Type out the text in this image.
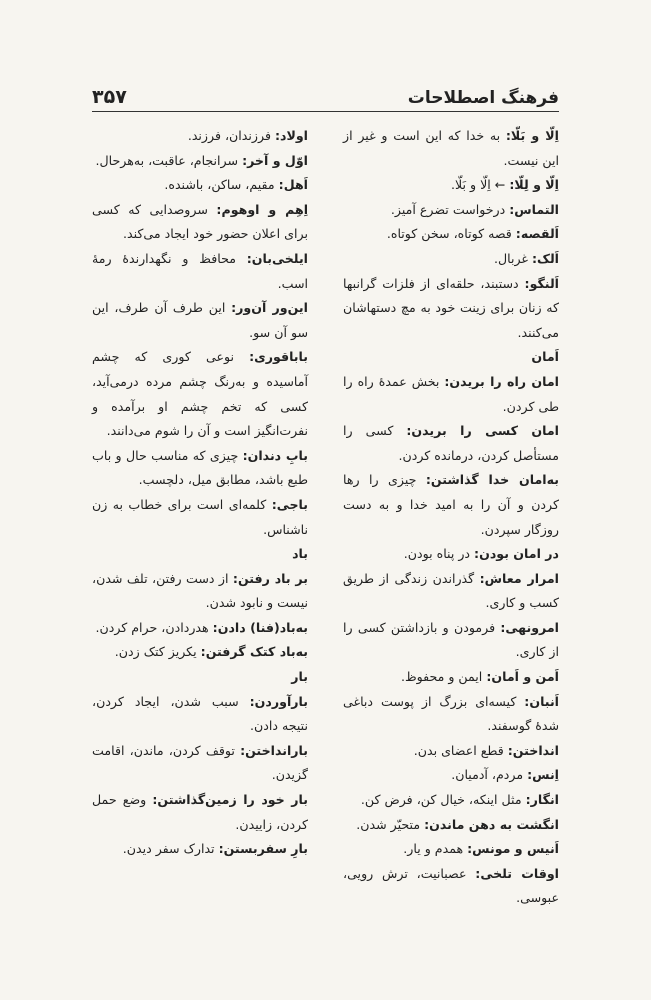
فرهنگ اصطلاحات
۳۵۷
اِلّا و بَلّا: به خدا که این است و غیر از این نیست.
اِلّا و لِلّا: ← اِلّا و بَلّا.
التماس: درخواست تضرع آمیز.
اَلقصه: قصه کوتاه، سخن کوتاه.
اَلک: غربال.
اَلنگو: دستبند، حلقه‌ای از فلزات گرانبها که زنان برای زینت خود به مچ دستهاشان می‌کنند.
اَمان
امان راه را بریدن: بخش عمدهٔ راه را طی کردن.
امان کسی را بریدن: کسی را مستأصل کردن، درمانده کردن.
به‌امان خدا گذاشتن: چیزی را رها کردن و آن را به امید خدا و به دست روزگار سپردن.
در امان بودن: در پناه بودن.
امرار معاش: گذراندن زندگی از طریق کسب و کاری.
امرونهی: فرمودن و بازداشتن کسی را از کاری.
اَمن و اَمان: ایمن و محفوظ.
اَنبان: کیسه‌ای بزرگ از پوست دباغی شدهٔ گوسفند.
انداختن: قطع اعضای بدن.
اِنس: مردم، آدمیان.
انگار: مثل اینکه، خیال کن، فرض کن.
انگشت به دهن ماندن: متحیّر شدن.
اَنیس و مونس: همدم و یار.
اوقات تلخی: عصبانیت، ترش رویی، عبوسی.
اولاد: فرزندان، فرزند.
اوّل و آخر: سرانجام، عاقبت، به‌هرحال.
اَهل: مقیم، ساکن، باشنده.
اِهِم و اوهوم: سروصدایی که کسی برای اعلان حضور خود ایجاد می‌کند.
ایلخی‌بان: محافظ و نگهدارندهٔ رمهٔ اسب.
این‌ور آن‌ور: این طرف آن طرف، این سو آن سو.
باباقوری: نوعی کوری که چشم آماسیده و به‌رنگ چشم مرده درمی‌آید، کسی که تخم چشم او برآمده و نفرت‌انگیز است و آن را شوم می‌دانند.
بابِ دندان: چیزی که مناسب حال و باب طبع باشد، مطابق میل، دلچسب.
باجی: کلمه‌ای است برای خطاب به زن ناشناس.
باد
بر باد رفتن: از دست رفتن، تلف شدن، نیست و نابود شدن.
به‌باد(فنا) دادن: هدردادن، حرام کردن.
به‌باد کتک گرفتن: یکریز کتک زدن.
بار
بارآوردن: سبب شدن، ایجاد کردن، نتیجه دادن.
باراندا‌ختن: توقف کردن، ماندن، اقامت گزیدن.
بار خود را زمین‌گذاشتن: وضع حمل کردن، زاییدن.
بارِ سفربستن: تدارک سفر دیدن.
